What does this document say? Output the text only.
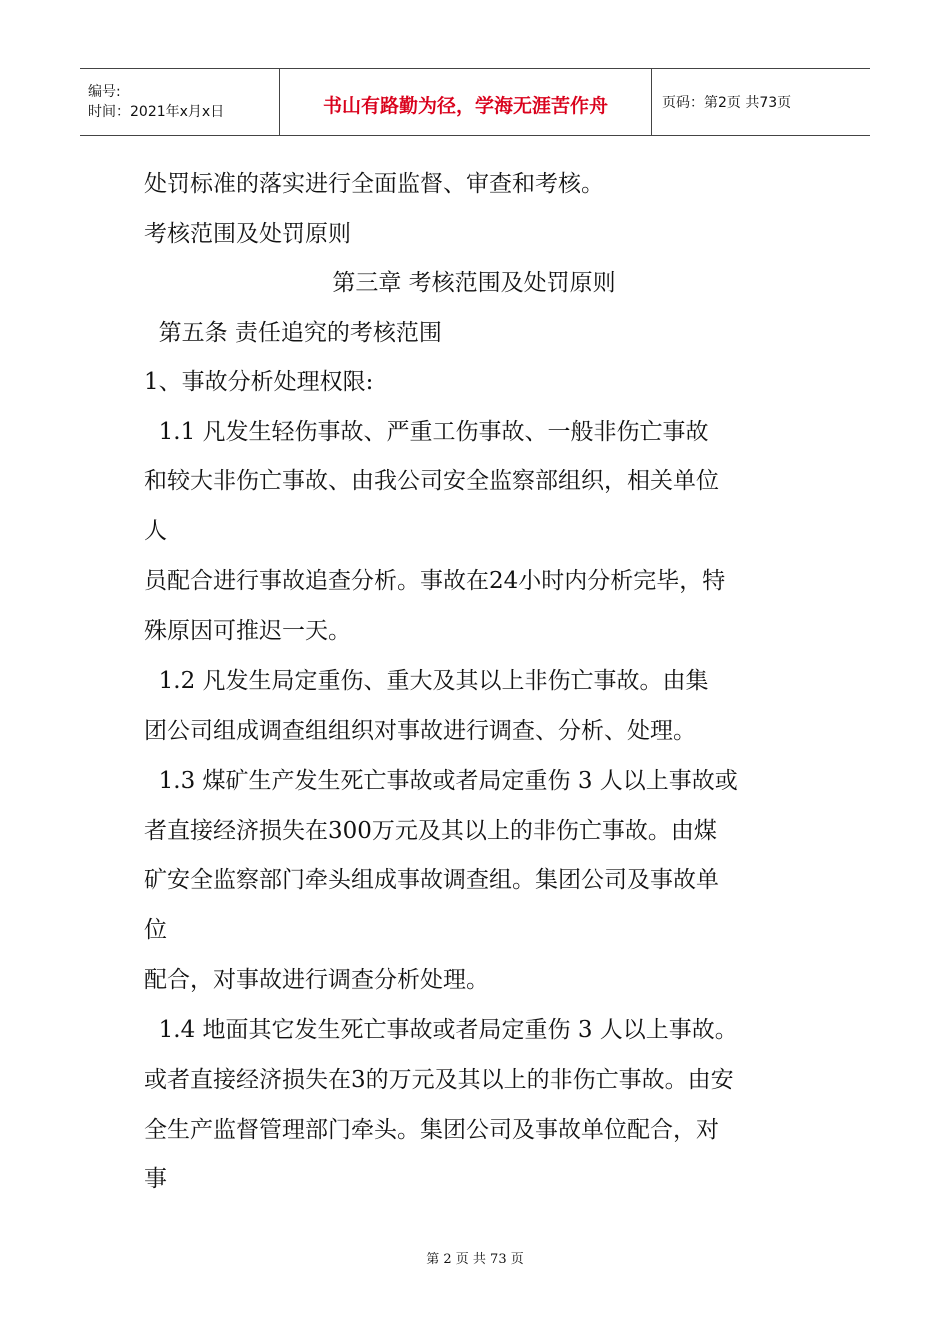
编号:
时间：2021年x月x日	书山有路勤为径，学海无涯苦作舟	页码：第2页 共73页

处罚标准的落实进行全面监督、审查和考核。

考核范围及处罚原则

第三章 考核范围及处罚原则

第五条 责任追究的考核范围

1、事故分析处理权限:

1.1 凡发生轻伤事故、严重工伤事故、一般非伤亡事故

和较大非伤亡事故、由我公司安全监察部组织，相关单位

人

员配合进行事故追查分析。事故在24小时内分析完毕，特

殊原因可推迟一天。

1.2 凡发生局定重伤、重大及其以上非伤亡事故。由集

团公司组成调查组组织对事故进行调查、分析、处理。

1.3 煤矿生产发生死亡事故或者局定重伤 3 人以上事故或

者直接经济损失在300万元及其以上的非伤亡事故。由煤

矿安全监察部门牵头组成事故调查组。集团公司及事故单

位

配合，对事故进行调查分析处理。

1.4 地面其它发生死亡事故或者局定重伤 3 人以上事故。

或者直接经济损失在3的万元及其以上的非伤亡事故。由安

全生产监督管理部门牵头。集团公司及事故单位配合，对

事

第 2 页 共 73 页
